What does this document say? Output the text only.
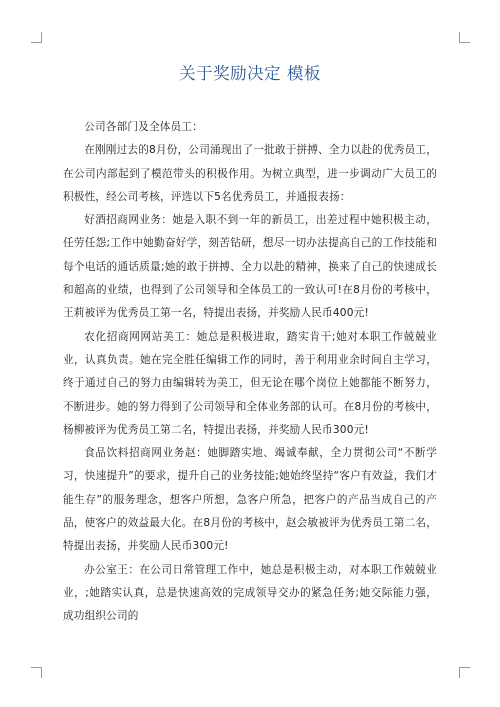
关于奖励决定 模板

公司各部门及全体员工：

在刚刚过去的8月份，公司涌现出了一批敢于拼搏、全力以赴的优秀员工，在公司内部起到了模范带头的积极作用。为树立典型，进一步调动广大员工的积极性，经公司考核，评选以下5名优秀员工，并通报表扬：

好酒招商网业务：她是入职不到一年的新员工，出差过程中她积极主动，任劳任怨;工作中她勤奋好学，刻苦钻研，想尽一切办法提高自己的工作技能和每个电话的通话质量;她的敢于拼搏、全力以赴的精神，换来了自己的快速成长和超高的业绩，也得到了公司领导和全体员工的一致认可!在8月份的考核中，王莉被评为优秀员工第一名，特提出表扬，并奖励人民币400元!

农化招商网网站美工：她总是积极进取，踏实肯干;她对本职工作兢兢业业，认真负责。她在完全胜任编辑工作的同时，善于利用业余时间自主学习，终于通过自己的努力由编辑转为美工，但无论在哪个岗位上她都能不断努力，不断进步。她的努力得到了公司领导和全体业务部的认可。在8月份的考核中，杨柳被评为优秀员工第二名，特提出表扬，并奖励人民币300元!

食品饮料招商网业务赵：她脚踏实地、竭诚奉献，全力贯彻公司“不断学习，快速提升”的要求，提升自己的业务技能;她始终坚持“客户有效益，我们才能生存”的服务理念，想客户所想，急客户所急，把客户的产品当成自己的产品，使客户的效益最大化。在8月份的考核中，赵会敏被评为优秀员工第二名，特提出表扬，并奖励人民币300元!

办公室王：在公司日常管理工作中，她总是积极主动，对本职工作兢兢业业，;她踏实认真，总是快速高效的完成领导交办的紧急任务;她交际能力强，成功组织公司的
